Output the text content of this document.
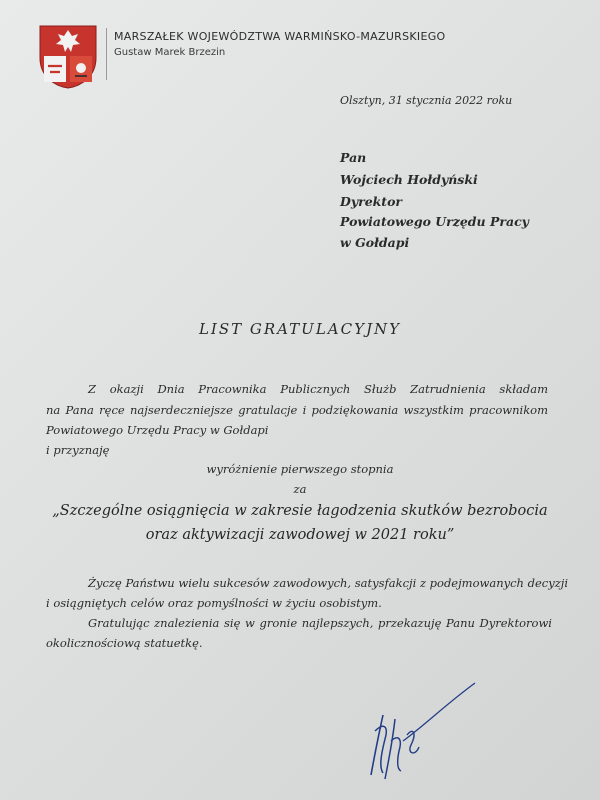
MARSZAŁEK WOJEWÓDZTWA WARMIŃSKO-MAZURSKIEGO
Gustaw Marek Brzezin
Olsztyn, 31 stycznia 2022 roku
Pan
Wojciech Hołdyński
Dyrektor
Powiatowego Urzędu Pracy
w Gołdapi
LIST GRATULACYJNY
Z okazji Dnia Pracownika Publicznych Służb Zatrudnienia składam
na Pana ręce najserdeczniejsze gratulacje i podziękowania wszystkim pracownikom
Powiatowego Urzędu Pracy w Gołdapi
i przyznaję
wyróżnienie pierwszego stopnia
za
„Szczególne osiągnięcia w zakresie łagodzenia skutków bezrobocia
oraz aktywizacji zawodowej w 2021 roku”
Życzę Państwu wielu sukcesów zawodowych, satysfakcji z podejmowanych decyzji
i osiągniętych celów oraz pomyślności w życiu osobistym.
Gratulując znalezienia się w gronie najlepszych, przekazuję Panu Dyrektorowi
okolicznościową statuetkę.
